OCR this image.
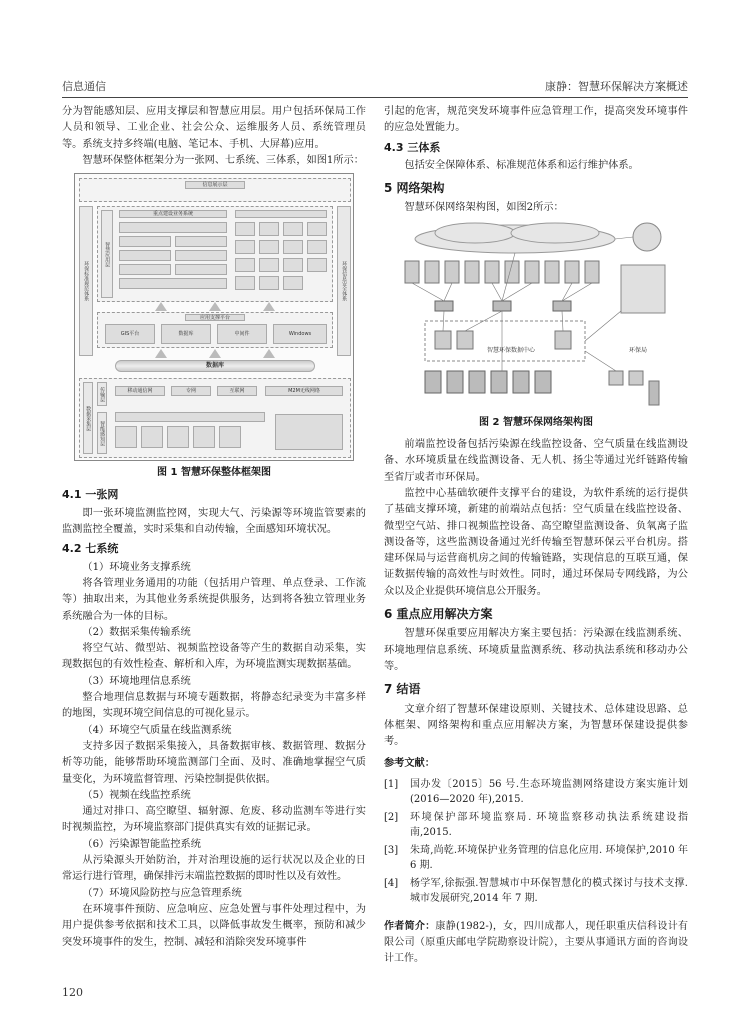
信息通信	康静：智慧环保解决方案概述

分为智能感知层、应用支撑层和智慧应用层。用户包括环保局工作人员和领导、工业企业、社会公众、运维服务人员、系统管理员等。系统支持多终端(电脑、笔记本、手机、大屏幕)应用。

智慧环保整体框架分为一张网、七系统、三体系，如图1所示：

信息展示层
智慧应用层
重点建设业务系统
环保标准规范体系	环保信息安全体系
应用支撑平台
GIS平台	数据库	中间件	Windows
数据库
数据采集层
传输层	移动通信网	专网	互联网	M2M无线网络
智能感知层
图 1 智慧环保整体框架图
4.1 一张网

即一张环境监测监控网，实现大气、污染源等环境监管要素的监测监控全覆盖，实时采集和自动传输，全面感知环境状况。

4.2 七系统
（1）环境业务支撑系统

将各管理业务通用的功能（包括用户管理、单点登录、工作流等）抽取出来，为其他业务系统提供服务，达到将各独立管理业务系统融合为一体的目标。

（2）数据采集传输系统

将空气站、微型站、视频监控设备等产生的数据自动采集，实现数据包的有效性检查、解析和入库，为环境监测实现数据基础。

（3）环境地理信息系统

整合地理信息数据与环境专题数据，将静态纪录变为丰富多样的地图，实现环境空间信息的可视化显示。

（4）环境空气质量在线监测系统

支持多因子数据采集接入，具备数据审核、数据管理、数据分析等功能，能够帮助环境监测部门全面、及时、准确地掌握空气质量变化，为环境监督管理、污染控制提供依据。

（5）视频在线监控系统

通过对排口、高空瞭望、辐射源、危废、移动监测车等进行实时视频监控，为环境监察部门提供真实有效的证据记录。

（6）污染源智能监控系统

从污染源头开始防治，并对治理设施的运行状况以及企业的日常运行进行管理，确保排污末端监控数据的即时性以及有效性。

（7）环境风险防控与应急管理系统

在环境事件预防、应急响应、应急处置与事件处理过程中，为用户提供参考依据和技术工具，以降低事故发生概率，预防和减少突发环境事件的发生，控制、减轻和消除突发环境事件

引起的危害，规范突发环境事件应急管理工作，提高突发环境事件的应急处置能力。

4.3 三体系

包括安全保障体系、标准规范体系和运行维护体系。

5 网络架构

智慧环保网络架构图，如图2所示：

智慧环保数据中心	环保局
图 2 智慧环保网络架构图

前端监控设备包括污染源在线监控设备、空气质量在线监测设备、水环境质量在线监测设备、无人机、扬尘等通过光纤链路传输至省厅或者市环保局。

监控中心基础软硬件支撑平台的建设，为软件系统的运行提供了基础支撑环境，新建的前端站点包括：空气质量在线监控设备、微型空气站、排口视频监控设备、高空瞭望监测设备、负氧离子监测设备等，这些监测设备通过光纤传输至智慧环保云平台机房。搭建环保局与运营商机房之间的传输链路，实现信息的互联互通，保证数据传输的高效性与时效性。同时，通过环保局专网线路，为公众以及企业提供环境信息公开服务。

6 重点应用解决方案

智慧环保重要应用解决方案主要包括：污染源在线监测系统、环境地理信息系统、环境质量监测系统、移动执法系统和移动办公等。

7 结语

文章介绍了智慧环保建设原则、关键技术、总体建设思路、总体框架、网络架构和重点应用解决方案，为智慧环保建设提供参考。

参考文献：
[1]	国办发〔2015〕56 号.生态环境监测网络建设方案实施计划(2016—2020 年),2015.
[2]	环境保护部环境监察局. 环境监察移动执法系统建设指南,2015.
[3]	朱琦,尚乾.环境保护业务管理的信息化应用. 环境保护,2010 年 6 期.
[4]	杨学军,徐振强.智慧城市中环保智慧化的模式探讨与技术支撑.城市发展研究,2014 年 7 期.

作者简介：康静(1982-)，女，四川成都人，现任职重庆信科设计有限公司（原重庆邮电学院勘察设计院），主要从事通讯方面的咨询设计工作。

120
